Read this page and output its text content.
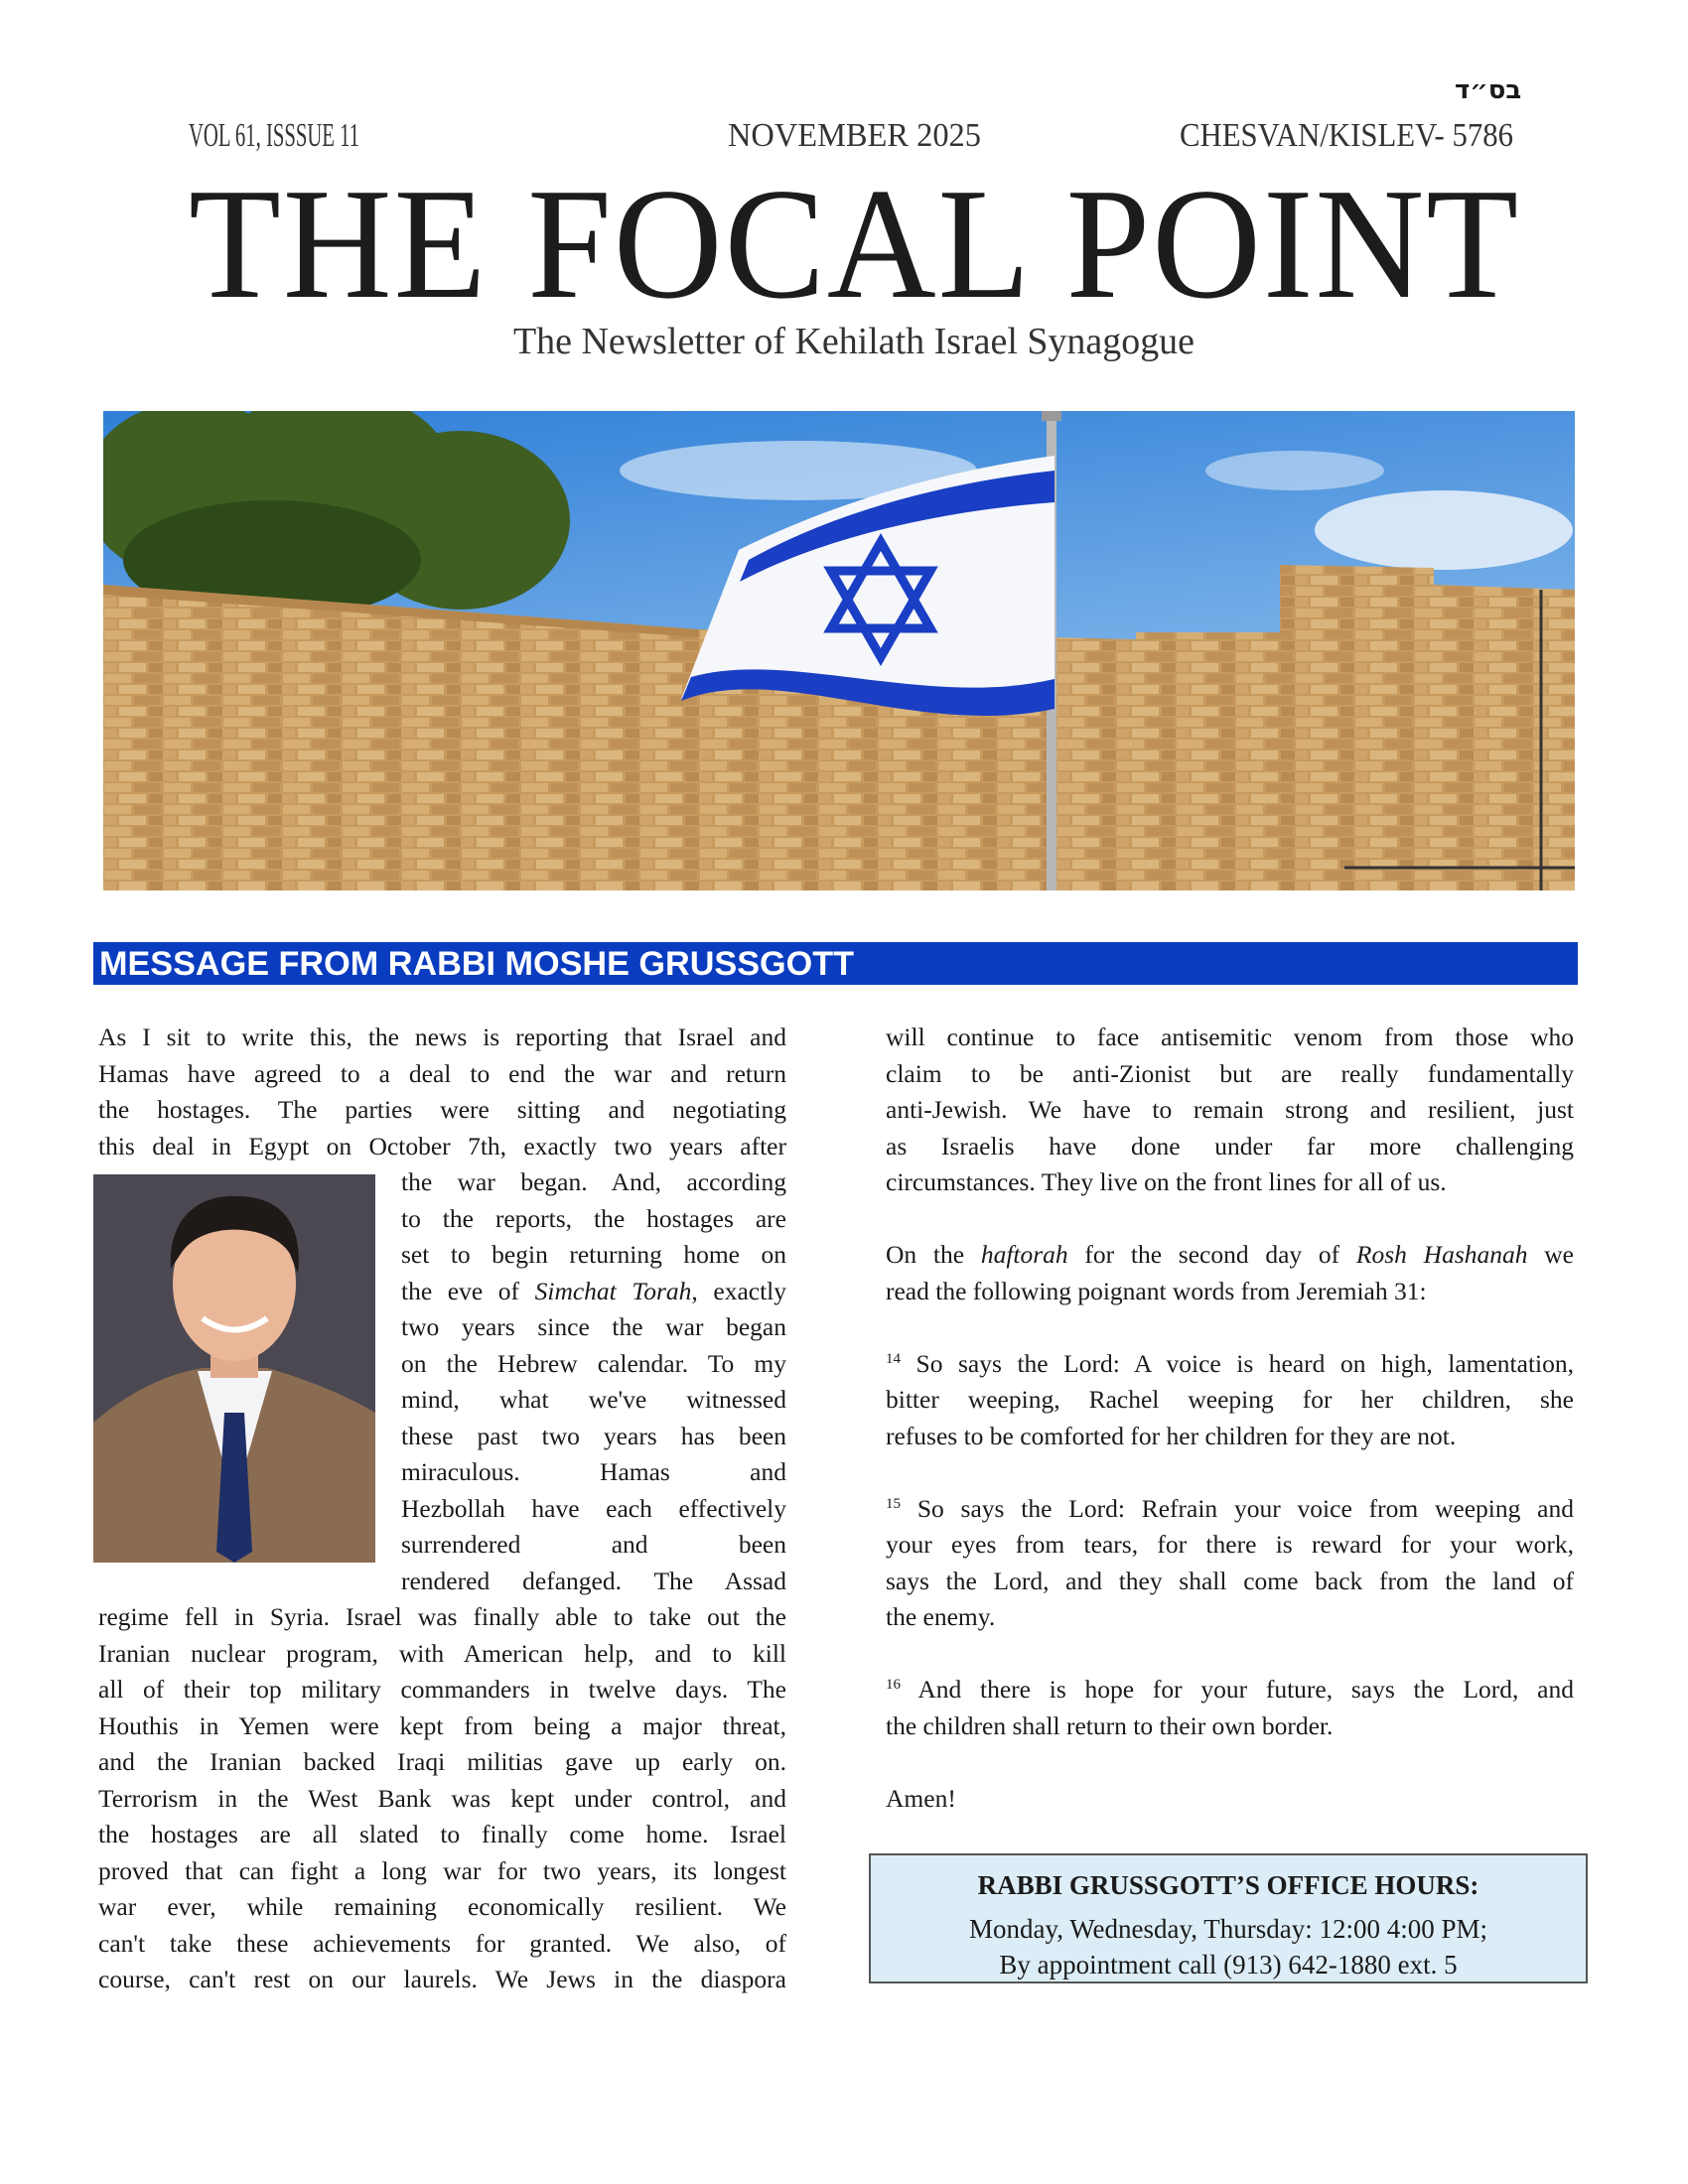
בס״ד
VOL 61, ISSSUE 11	NOVEMBER 2025	CHESVAN/KISLEV- 5786
THE FOCAL POINT
The Newsletter of Kehilath Israel Synagogue
MESSAGE FROM RABBI MOSHE GRUSSGOTT
As I sit to write this, the news is reporting that Israel and
Hamas have agreed to a deal to end the war and return
the hostages. The parties were sitting and negotiating
this deal in Egypt on October 7th, exactly two years after
the war began. And, according
to the reports, the hostages are
set to begin returning home on
the eve of Simchat Torah, exactly
two years since the war began
on the Hebrew calendar. To my
mind, what we've witnessed
these past two years has been
miraculous. Hamas and
Hezbollah have each effectively
surrendered and been
rendered defanged. The Assad
regime fell in Syria. Israel was finally able to take out the
Iranian nuclear program, with American help, and to kill
all of their top military commanders in twelve days. The
Houthis in Yemen were kept from being a major threat,
and the Iranian backed Iraqi militias gave up early on.
Terrorism in the West Bank was kept under control, and
the hostages are all slated to finally come home. Israel
proved that can fight a long war for two years, its longest
war ever, while remaining economically resilient. We
can't take these achievements for granted. We also, of
course, can't rest on our laurels. We Jews in the diaspora
will continue to face antisemitic venom from those who
claim to be anti-Zionist but are really fundamentally
anti-Jewish. We have to remain strong and resilient, just
as Israelis have done under far more challenging
circumstances. They live on the front lines for all of us.
On the haftorah for the second day of Rosh Hashanah we
read the following poignant words from Jeremiah 31:
$^{14}$ So says the Lord: A voice is heard on high, lamentation,
bitter weeping, Rachel weeping for her children, she
refuses to be comforted for her children for they are not.
$^{15}$ So says the Lord: Refrain your voice from weeping and
your eyes from tears, for there is reward for your work,
says the Lord, and they shall come back from the land of
the enemy.
$^{16}$ And there is hope for your future, says the Lord, and
the children shall return to their own border.
Amen!
RABBI GRUSSGOTT’S OFFICE HOURS:
Monday, Wednesday, Thursday: 12:00 4:00 PM;
By appointment call (913) 642-1880 ext. 5
